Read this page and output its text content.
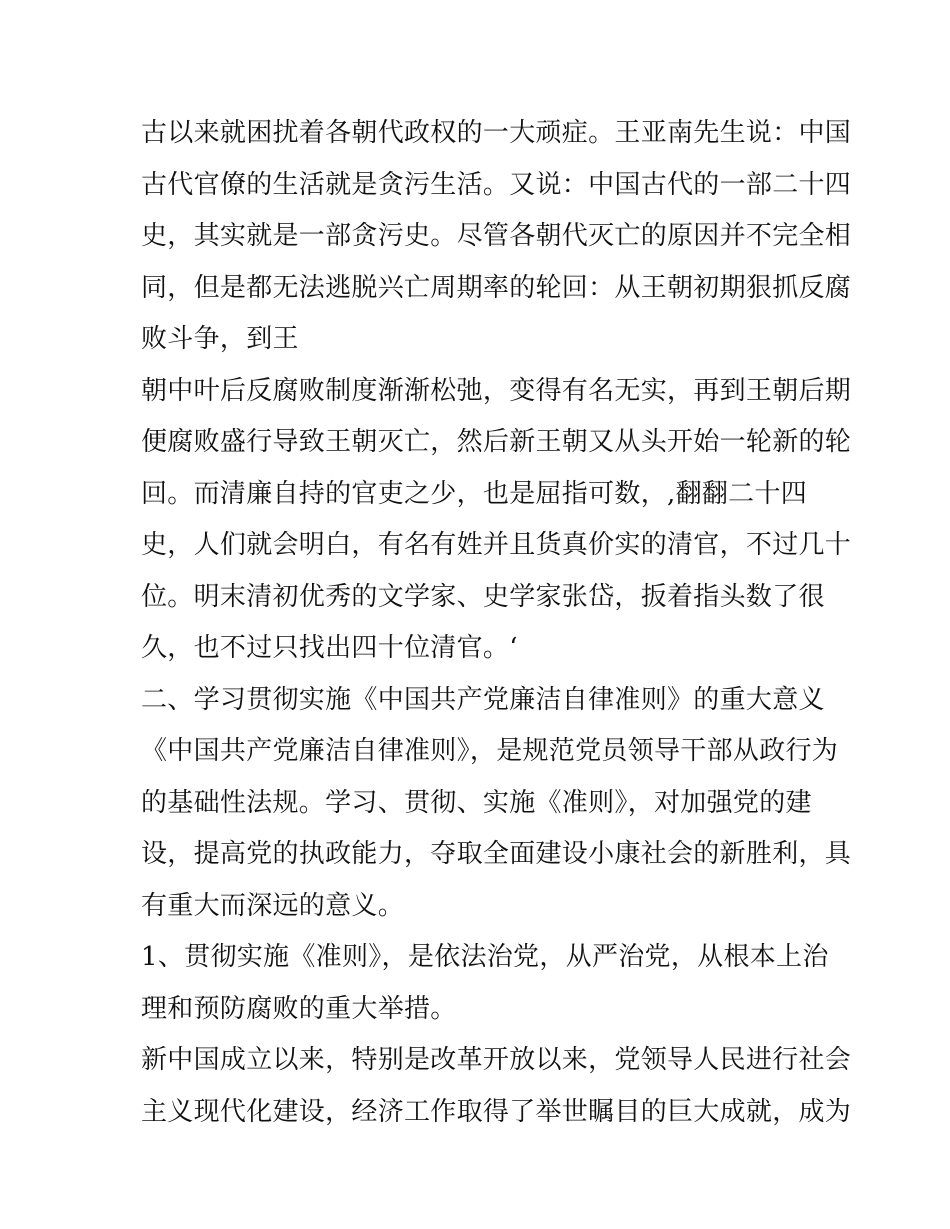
古以来就困扰着各朝代政权的一大顽症。王亚南先生说：中国
古代官僚的生活就是贪污生活。又说：中国古代的一部二十四
史，其实就是一部贪污史。尽管各朝代灭亡的原因并不完全相
同，但是都无法逃脱兴亡周期率的轮回：从王朝初期狠抓反腐
败斗争，到王
朝中叶后反腐败制度渐渐松弛，变得有名无实，再到王朝后期
便腐败盛行导致王朝灭亡，然后新王朝又从头开始一轮新的轮
回。而清廉自持的官吏之少，也是屈指可数，,翻翻二十四
史，人们就会明白，有名有姓并且货真价实的清官，不过几十
位。明末清初优秀的文学家、史学家张岱，扳着指头数了很
久，也不过只找出四十位清官。‘
二、学习贯彻实施《中国共产党廉洁自律准则》的重大意义
《中国共产党廉洁自律准则》，是规范党员领导干部从政行为
的基础性法规。学习、贯彻、实施《准则》，对加强党的建
设，提高党的执政能力，夺取全面建设小康社会的新胜利，具
有重大而深远的意义。
1、贯彻实施《准则》，是依法治党，从严治党，从根本上治
理和预防腐败的重大举措。
新中国成立以来，特别是改革开放以来，党领导人民进行社会
主义现代化建设，经济工作取得了举世瞩目的巨大成就，成为
